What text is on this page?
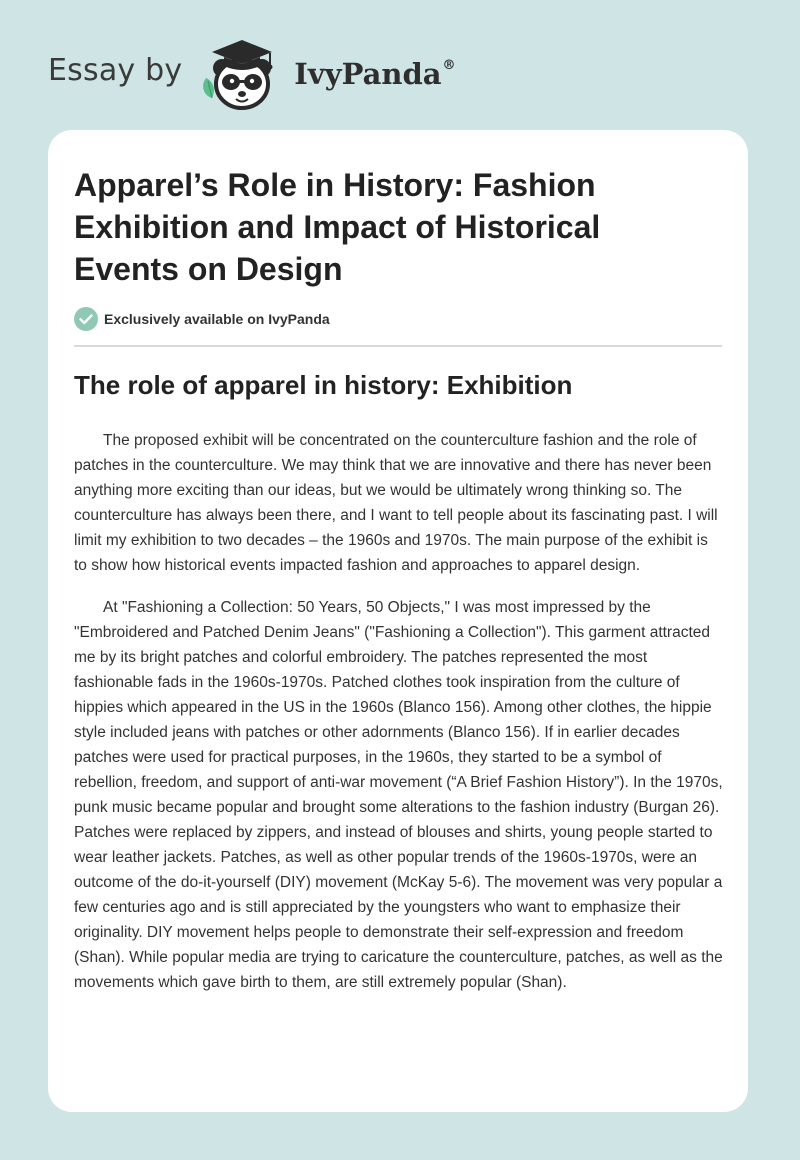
Essay by	IvyPanda®
Apparel’s Role in History: Fashion Exhibition and Impact of Historical Events on Design
Exclusively available on IvyPanda
The role of apparel in history: Exhibition

The proposed exhibit will be concentrated on the counterculture fashion and the role of patches in the counterculture. We may think that we are innovative and there has never been anything more exciting than our ideas, but we would be ultimately wrong thinking so. The counterculture has always been there, and I want to tell people about its fascinating past. I will limit my exhibition to two decades – the 1960s and 1970s. The main purpose of the exhibit is to show how historical events impacted fashion and approaches to apparel design.

At "Fashioning a Collection: 50 Years, 50 Objects," I was most impressed by the "Embroidered and Patched Denim Jeans" ("Fashioning a Collection"). This garment attracted me by its bright patches and colorful embroidery. The patches represented the most fashionable fads in the 1960s-1970s. Patched clothes took inspiration from the culture of hippies which appeared in the US in the 1960s (Blanco 156). Among other clothes, the hippie style included jeans with patches or other adornments (Blanco 156). If in earlier decades patches were used for practical purposes, in the 1960s, they started to be a symbol of rebellion, freedom, and support of anti-war movement (“A Brief Fashion History”). In the 1970s, punk music became popular and brought some alterations to the fashion industry (Burgan 26). Patches were replaced by zippers, and instead of blouses and shirts, young people started to wear leather jackets. Patches, as well as other popular trends of the 1960s-1970s, were an outcome of the do-it-yourself (DIY) movement (McKay 5-6). The movement was very popular a few centuries ago and is still appreciated by the youngsters who want to emphasize their originality. DIY movement helps people to demonstrate their self-expression and freedom (Shan). While popular media are trying to caricature the counterculture, patches, as well as the movements which gave birth to them, are still extremely popular (Shan).
